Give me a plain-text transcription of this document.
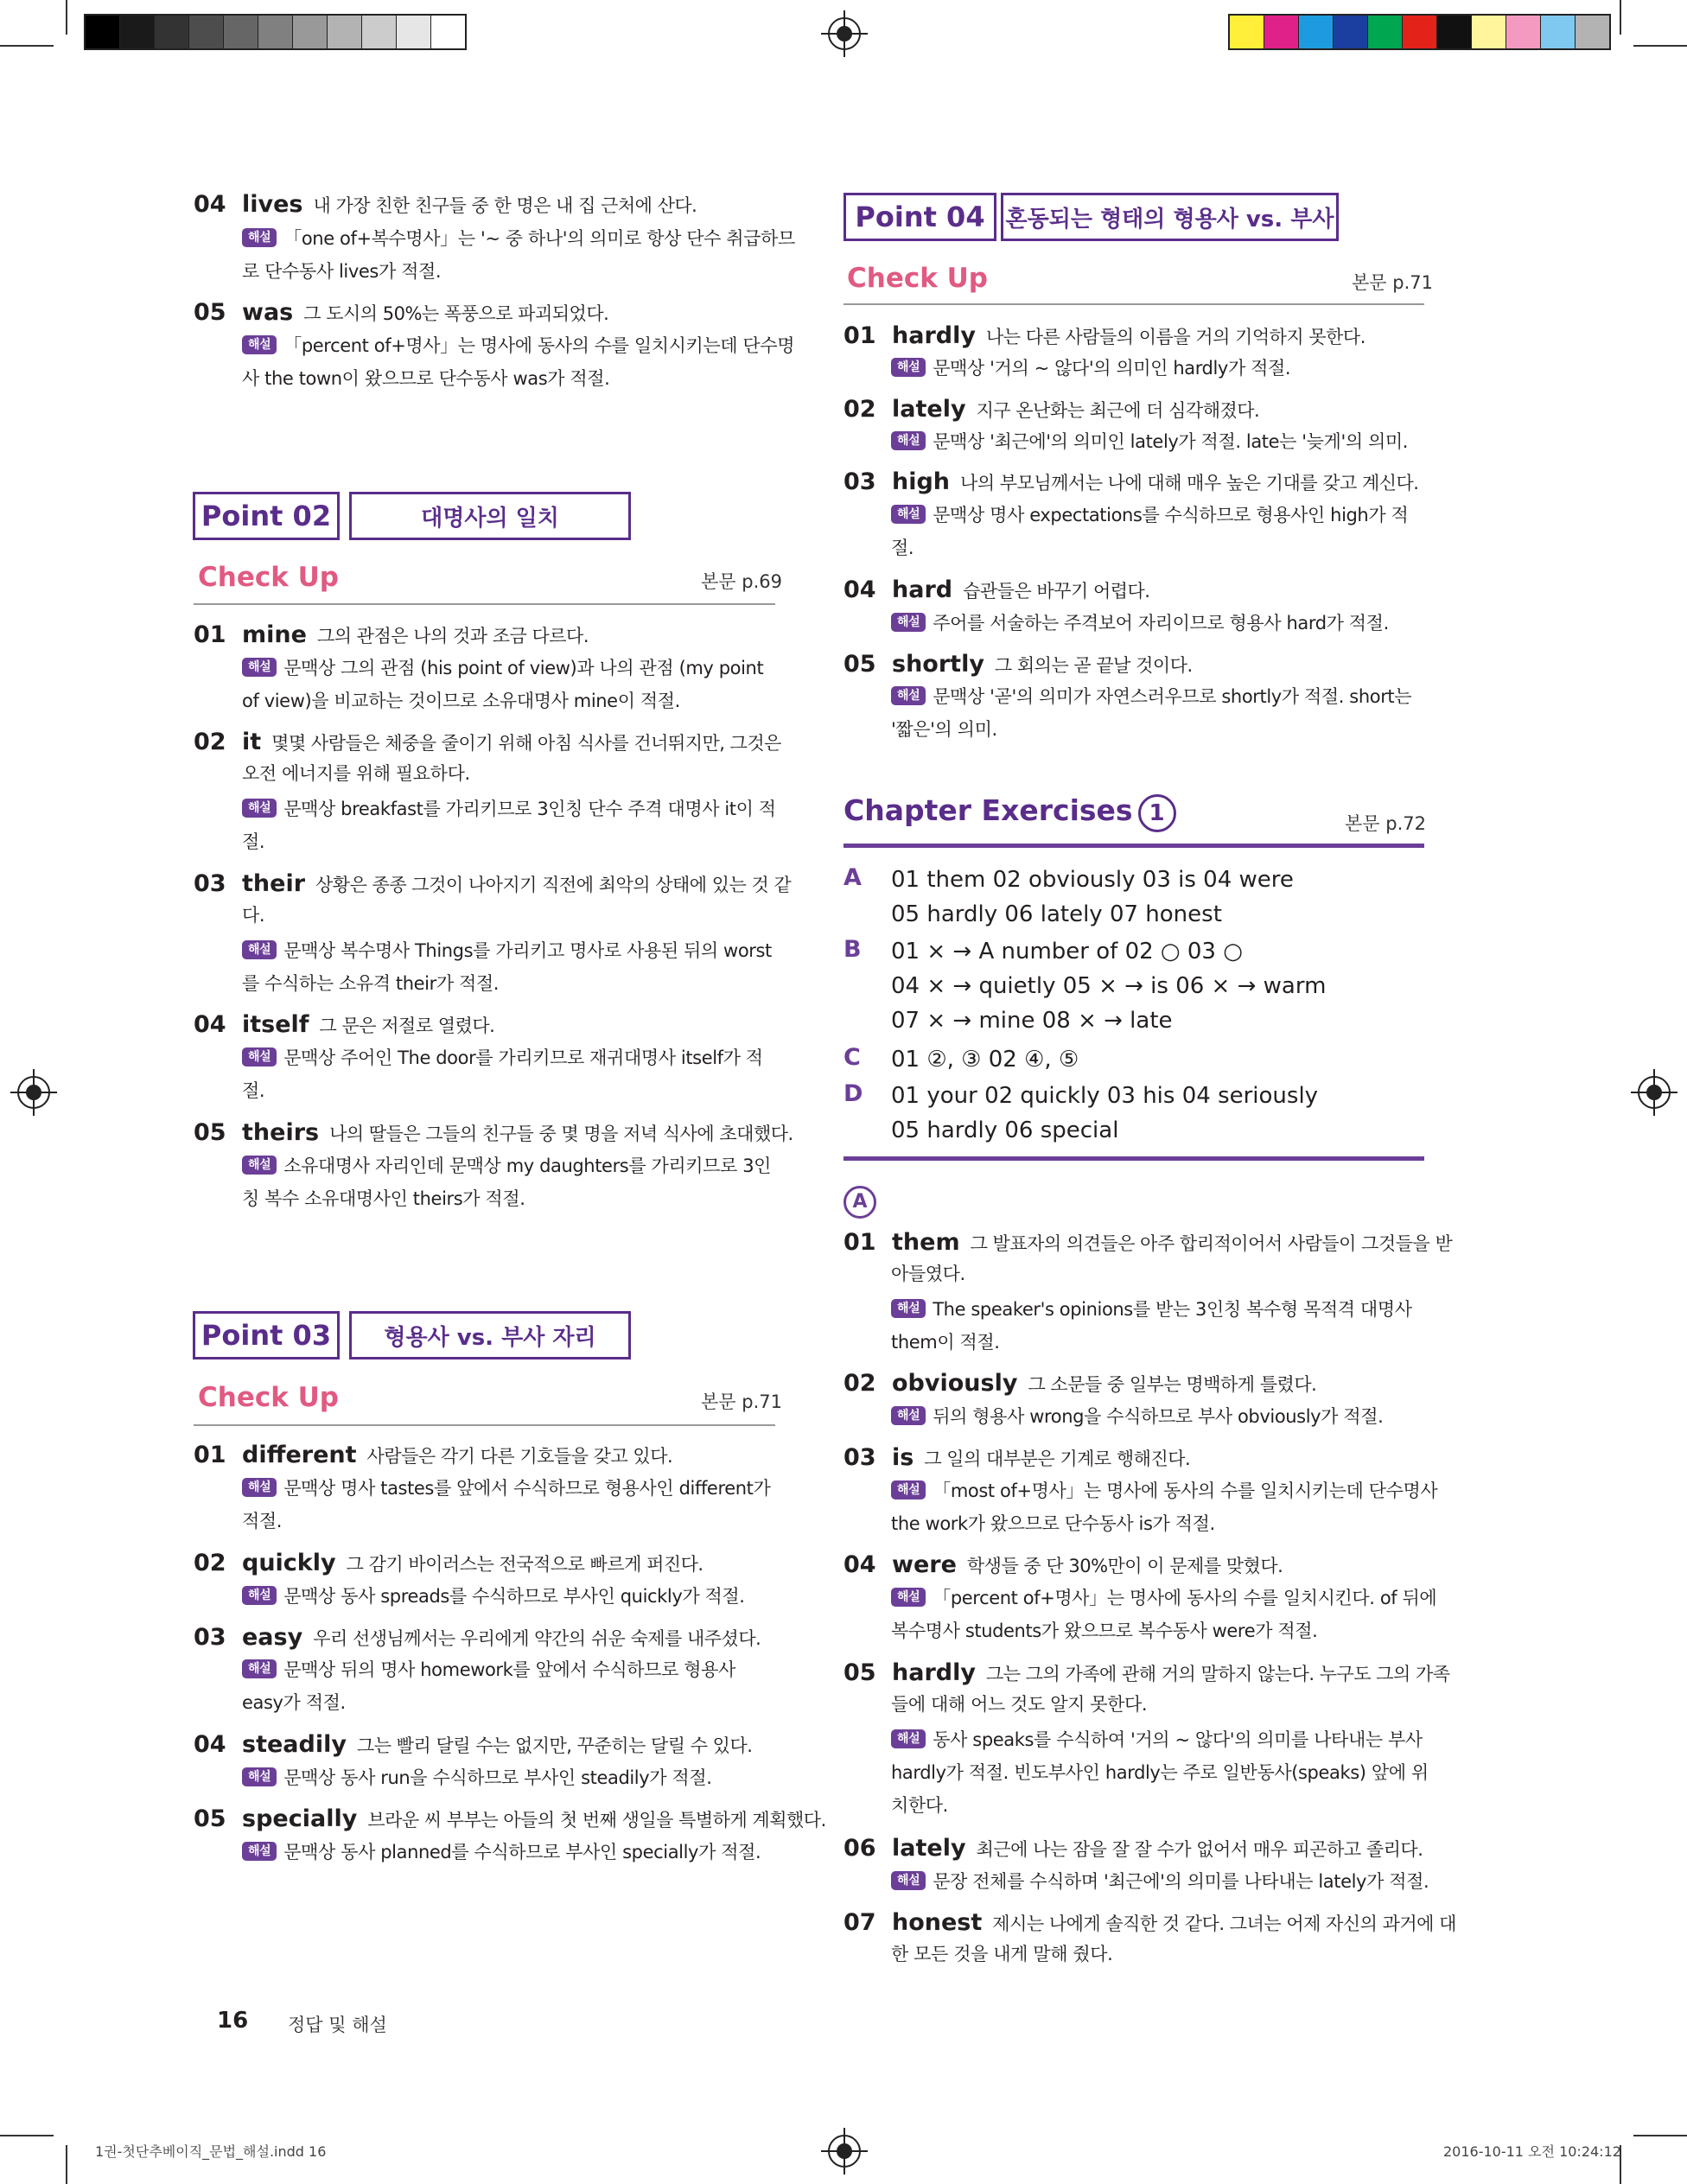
04 lives 내 가장 친한 친구들 중 한 명은 내 집 근처에 산다.
해설 「one of+복수명사」는 '~ 중 하나'의 의미로 항상 단수 취급하므
로 단수동사 lives가 적절.
05 was 그 도시의 50%는 폭풍으로 파괴되었다.
해설 「percent of+명사」는 명사에 동사의 수를 일치시키는데 단수명
사 the town이 왔으므로 단수동사 was가 적절.
Point 02	대명사의 일치
Check Up	본문 p.69
01 mine 그의 관점은 나의 것과 조금 다르다.
해설 문맥상 그의 관점 (his point of view)과 나의 관점 (my point
of view)을 비교하는 것이므로 소유대명사 mine이 적절.
02 it 몇몇 사람들은 체중을 줄이기 위해 아침 식사를 건너뛰지만, 그것은
오전 에너지를 위해 필요하다.
해설 문맥상 breakfast를 가리키므로 3인칭 단수 주격 대명사 it이 적
절.
03 their 상황은 종종 그것이 나아지기 직전에 최악의 상태에 있는 것 같
다.
해설 문맥상 복수명사 Things를 가리키고 명사로 사용된 뒤의 worst
를 수식하는 소유격 their가 적절.
04 itself 그 문은 저절로 열렸다.
해설 문맥상 주어인 The door를 가리키므로 재귀대명사 itself가 적
절.
05 theirs 나의 딸들은 그들의 친구들 중 몇 명을 저녁 식사에 초대했다.
해설 소유대명사 자리인데 문맥상 my daughters를 가리키므로 3인
칭 복수 소유대명사인 theirs가 적절.
Point 03 형용사 vs. 부사 자리
Check Up	본문 p.71
01 different 사람들은 각기 다른 기호들을 갖고 있다.
해설 문맥상 명사 tastes를 앞에서 수식하므로 형용사인 different가
적절.
02 quickly 그 감기 바이러스는 전국적으로 빠르게 퍼진다.
해설 문맥상 동사 spreads를 수식하므로 부사인 quickly가 적절.
03 easy 우리 선생님께서는 우리에게 약간의 쉬운 숙제를 내주셨다.
해설 문맥상 뒤의 명사 homework를 앞에서 수식하므로 형용사
easy가 적절.
04 steadily 그는 빨리 달릴 수는 없지만, 꾸준히는 달릴 수 있다.
해설 문맥상 동사 run을 수식하므로 부사인 steadily가 적절.
05 specially 브라운 씨 부부는 아들의 첫 번째 생일을 특별하게 계획했다.
해설 문맥상 동사 planned를 수식하므로 부사인 specially가 적절.
Point 04 혼동되는 형태의 형용사 vs. 부사
Check Up	본문 p.71
01 hardly 나는 다른 사람들의 이름을 거의 기억하지 못한다.
해설 문맥상 '거의 ~ 않다'의 의미인 hardly가 적절.
02 lately 지구 온난화는 최근에 더 심각해졌다.
해설 문맥상 '최근에'의 의미인 lately가 적절. late는 '늦게'의 의미.
03 high 나의 부모님께서는 나에 대해 매우 높은 기대를 갖고 계신다.
해설 문맥상 명사 expectations를 수식하므로 형용사인 high가 적
절.
04 hard 습관들은 바꾸기 어렵다.
해설 주어를 서술하는 주격보어 자리이므로 형용사 hard가 적절.
05 shortly 그 회의는 곧 끝날 것이다.
해설 문맥상 '곧'의 의미가 자연스러우므로 shortly가 적절. short는
'짧은'의 의미.
Chapter Exercises 1	본문 p.72
A 01 them 02 obviously 03 is 04 were
05 hardly 06 lately 07 honest
B 01 × → A number of 02 ○ 03 ○
04 × → quietly 05 × → is 06 × → warm
07 × → mine 08 × → late
C 01 ②, ③ 02 ④, ⑤
D 01 your 02 quickly 03 his 04 seriously
05 hardly 06 special
A
01 them 그 발표자의 의견들은 아주 합리적이어서 사람들이 그것들을 받
아들였다.
해설 The speaker's opinions를 받는 3인칭 복수형 목적격 대명사
them이 적절.
02 obviously 그 소문들 중 일부는 명백하게 틀렸다.
해설 뒤의 형용사 wrong을 수식하므로 부사 obviously가 적절.
03 is 그 일의 대부분은 기계로 행해진다.
해설 「most of+명사」는 명사에 동사의 수를 일치시키는데 단수명사
the work가 왔으므로 단수동사 is가 적절.
04 were 학생들 중 단 30%만이 이 문제를 맞혔다.
해설 「percent of+명사」는 명사에 동사의 수를 일치시킨다. of 뒤에
복수명사 students가 왔으므로 복수동사 were가 적절.
05 hardly 그는 그의 가족에 관해 거의 말하지 않는다. 누구도 그의 가족
들에 대해 어느 것도 알지 못한다.
해설 동사 speaks를 수식하여 '거의 ~ 않다'의 의미를 나타내는 부사
hardly가 적절. 빈도부사인 hardly는 주로 일반동사(speaks) 앞에 위
치한다.
06 lately 최근에 나는 잠을 잘 잘 수가 없어서 매우 피곤하고 졸리다.
해설 문장 전체를 수식하며 '최근에'의 의미를 나타내는 lately가 적절.
07 honest 제시는 나에게 솔직한 것 같다. 그녀는 어제 자신의 과거에 대
한 모든 것을 내게 말해 줬다.
16 정답 및 해설
1권-첫단추베이직_문법_해설.indd 16	2016-10-11 오전 10:24:12
